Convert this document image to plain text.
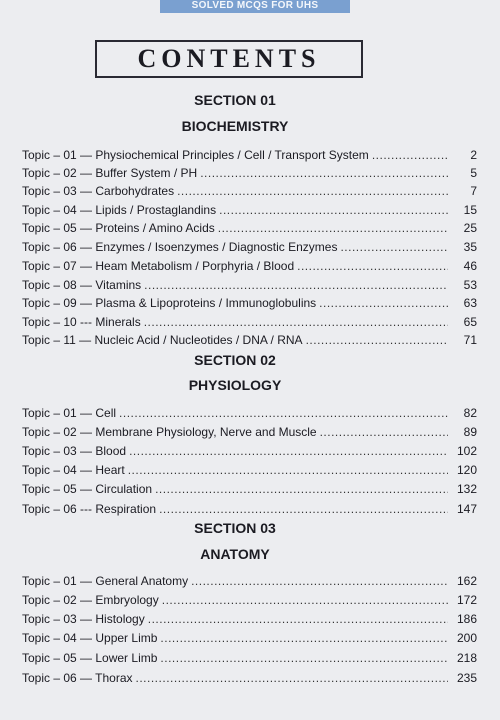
SOLVED MCQS FOR UHS
CONTENTS
SECTION 01
BIOCHEMISTRY
Topic – 01 — Physiochemical Principles / Cell / Transport System .....	2
Topic – 02 — Buffer System / PH .....	5
Topic – 03 — Carbohydrates .....	7
Topic – 04 — Lipids / Prostaglandins .....	15
Topic – 05 — Proteins / Amino Acids .....	25
Topic – 06 — Enzymes / Isoenzymes / Diagnostic Enzymes .....	35
Topic – 07 — Heam Metabolism / Porphyria / Blood .....	46
Topic – 08 — Vitamins .....	53
Topic – 09 — Plasma & Lipoproteins / Immunoglobulins .....	63
Topic – 10 --- Minerals .....	65
Topic – 11 — Nucleic Acid / Nucleotides / DNA / RNA .....	71
SECTION 02
PHYSIOLOGY
Topic – 01 — Cell .....	82
Topic – 02 — Membrane Physiology, Nerve and Muscle .....	89
Topic – 03 — Blood .....	102
Topic – 04 — Heart .....	120
Topic – 05 — Circulation .....	132
Topic – 06 --- Respiration .....	147
SECTION 03
ANATOMY
Topic – 01 — General Anatomy .....	162
Topic – 02 — Embryology .....	172
Topic – 03 — Histology .....	186
Topic – 04 — Upper Limb .....	200
Topic – 05 — Lower Limb .....	218
Topic – 06 — Thorax .....	235
